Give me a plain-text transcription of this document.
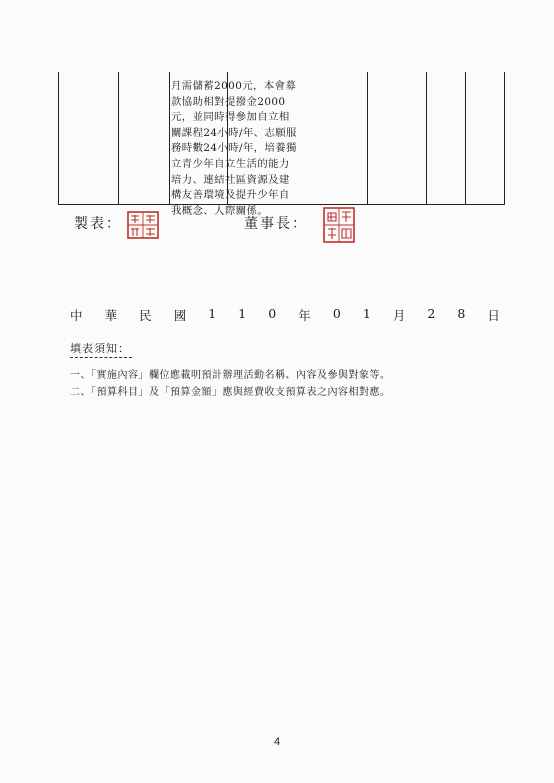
月需儲蓄2000元，本會募
款協助相對提撥金2000
元，並同時得參加自立相
關課程24小時/年、志願服
務時數24小時/年，培養獨
立青少年自立生活的能力
培力、連結社區資源及建
構友善環境及提升少年自
我概念、人際關係。
製表：	董事長：
中 華 民 國 1 1 0 年 0 1 月 2 8 日
填表須知：
一、「實施內容」欄位應載明預計辦理活動名稱、內容及參與對象等。
二、「預算科目」及「預算金額」應與經費收支預算表之內容相對應。
4
